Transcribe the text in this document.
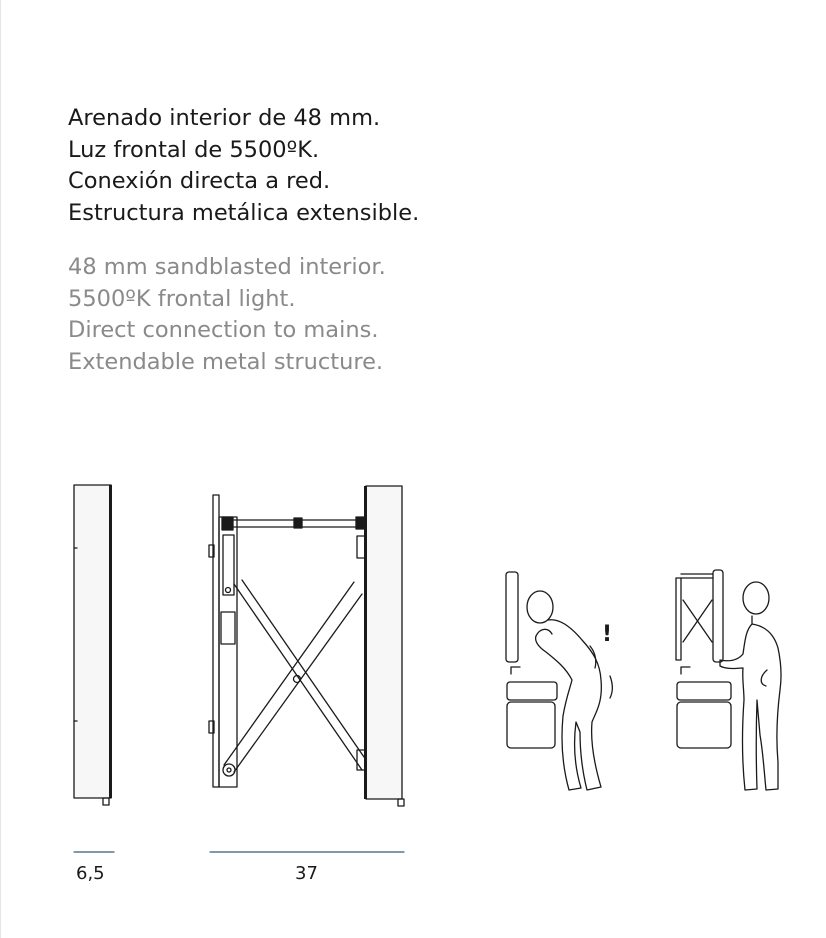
Arenado interior de 48 mm.
Luz frontal de 5500ºK.
Conexión directa a red.
Estructura metálica extensible.
48 mm sandblasted interior.
5500ºK frontal light.
Direct connection to mains.
Extendable metal structure.
!
6,5	37
